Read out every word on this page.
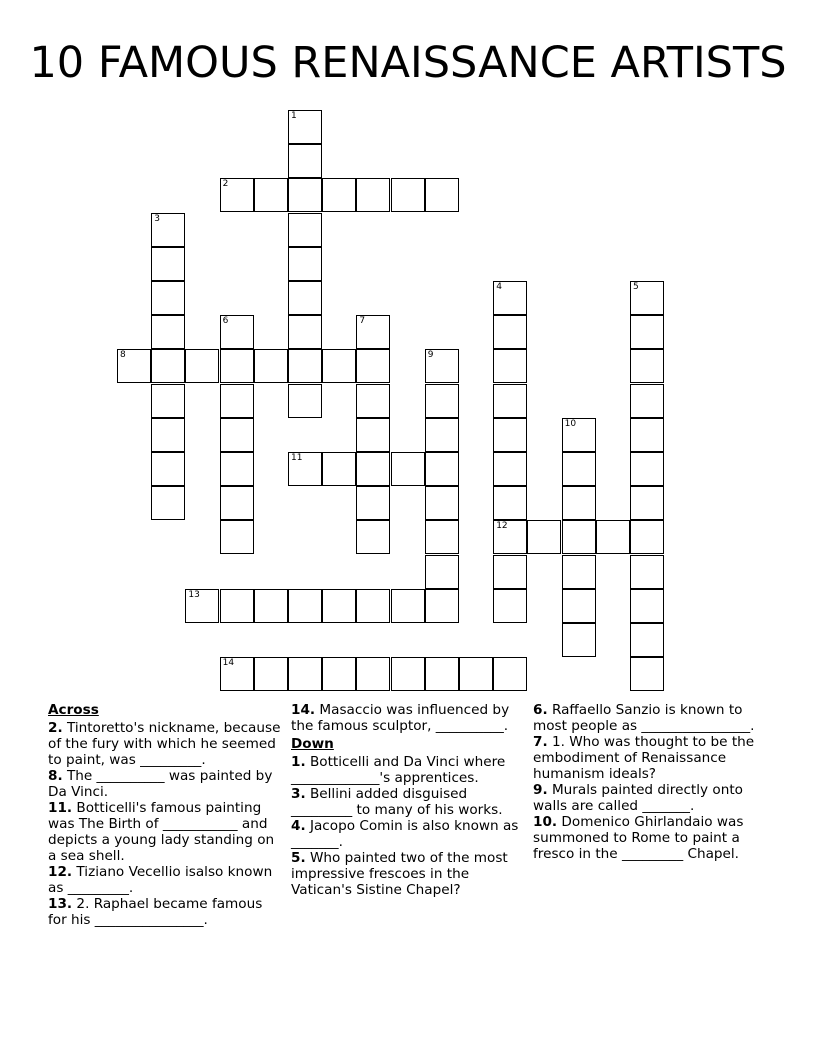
10 FAMOUS RENAISSANCE ARTISTS
1
2
3
4
12
5
6	7
8	9
10
11
13
14

Across

2. Tintoretto's nickname, because of the fury with which he seemed to paint, was _________.

8. The __________ was painted by Da Vinci.

11. Botticelli's famous painting was The Birth of ___________ and depicts a young lady standing on a sea shell.

12. Tiziano Vecellio isalso known as _________.

13. 2. Raphael became famous for his ________________.

14. Masaccio was influenced by the famous sculptor, __________.

Down

1. Botticelli and Da Vinci where _____________'s apprentices.

3. Bellini added disguised _________ to many of his works.

4. Jacopo Comin is also known as _______.

5. Who painted two of the most impressive frescoes in the Vatican's Sistine Chapel?

6. Raffaello Sanzio is known to most people as ________________.

7. 1. Who was thought to be the embodiment of Renaissance humanism ideals?

9. Murals painted directly onto walls are called _______.

10. Domenico Ghirlandaio was summoned to Rome to paint a fresco in the _________ Chapel.
